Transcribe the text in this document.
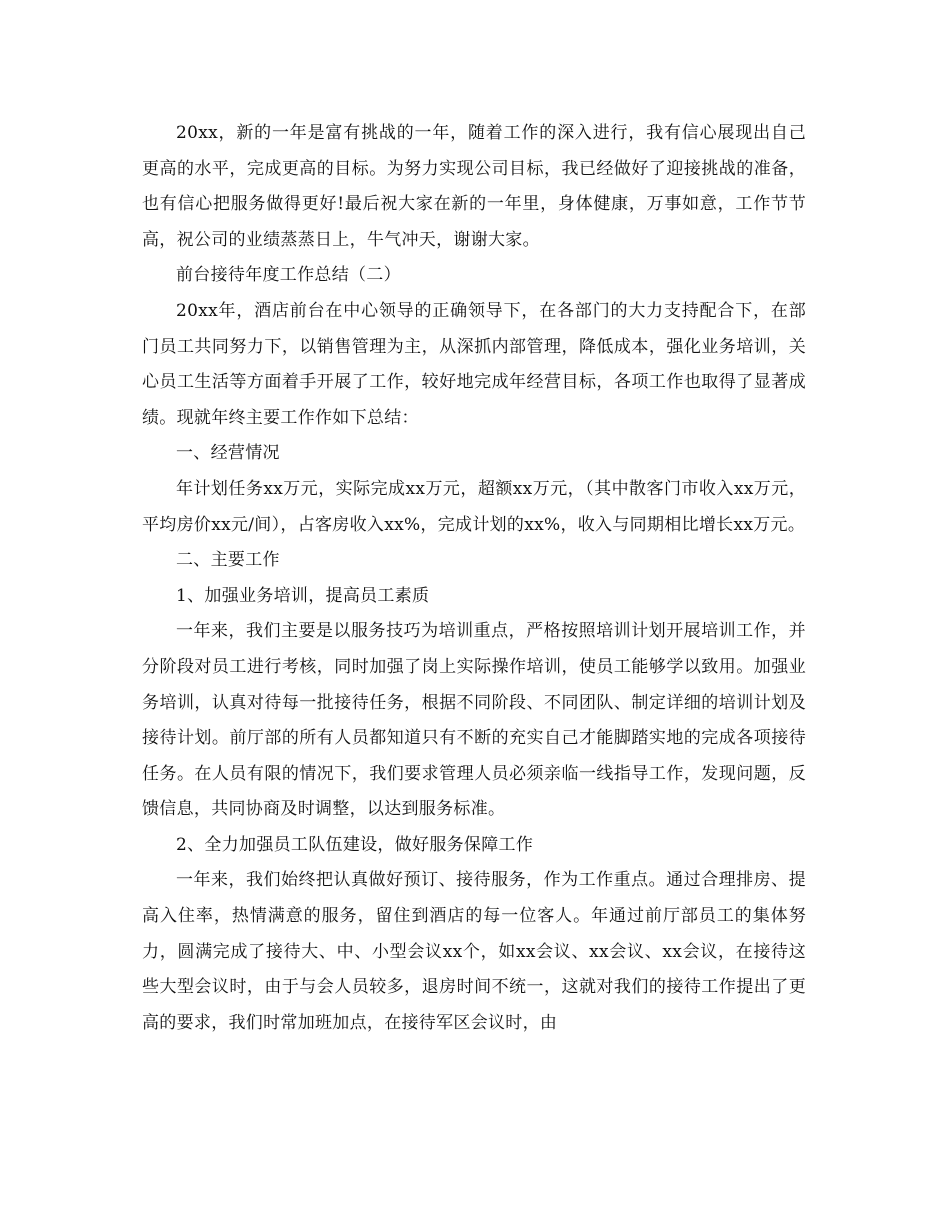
20xx，新的一年是富有挑战的一年，随着工作的深入进行，我有信心展现出自己更高的水平，完成更高的目标。为努力实现公司目标，我已经做好了迎接挑战的准备，也有信心把服务做得更好!最后祝大家在新的一年里，身体健康，万事如意，工作节节高，祝公司的业绩蒸蒸日上，牛气冲天，谢谢大家。

前台接待年度工作总结（二）

20xx年，酒店前台在中心领导的正确领导下，在各部门的大力支持配合下，在部门员工共同努力下，以销售管理为主，从深抓内部管理，降低成本，强化业务培训，关心员工生活等方面着手开展了工作，较好地完成年经营目标，各项工作也取得了显著成绩。现就年终主要工作作如下总结：

一、经营情况

年计划任务xx万元，实际完成xx万元，超额xx万元，（其中散客门市收入xx万元，平均房价xx元/间），占客房收入xx%，完成计划的xx%，收入与同期相比增长xx万元。

二、主要工作

1、加强业务培训，提高员工素质

一年来，我们主要是以服务技巧为培训重点，严格按照培训计划开展培训工作，并分阶段对员工进行考核，同时加强了岗上实际操作培训，使员工能够学以致用。加强业务培训，认真对待每一批接待任务，根据不同阶段、不同团队、制定详细的培训计划及接待计划。前厅部的所有人员都知道只有不断的充实自己才能脚踏实地的完成各项接待任务。在人员有限的情况下，我们要求管理人员必须亲临一线指导工作，发现问题，反馈信息，共同协商及时调整，以达到服务标准。

2、全力加强员工队伍建设，做好服务保障工作

一年来，我们始终把认真做好预订、接待服务，作为工作重点。通过合理排房、提高入住率，热情满意的服务，留住到酒店的每一位客人。年通过前厅部员工的集体努力，圆满完成了接待大、中、小型会议xx个，如xx会议、xx会议、xx会议，在接待这些大型会议时，由于与会人员较多，退房时间不统一，这就对我们的接待工作提出了更高的要求，我们时常加班加点，在接待军区会议时，由
